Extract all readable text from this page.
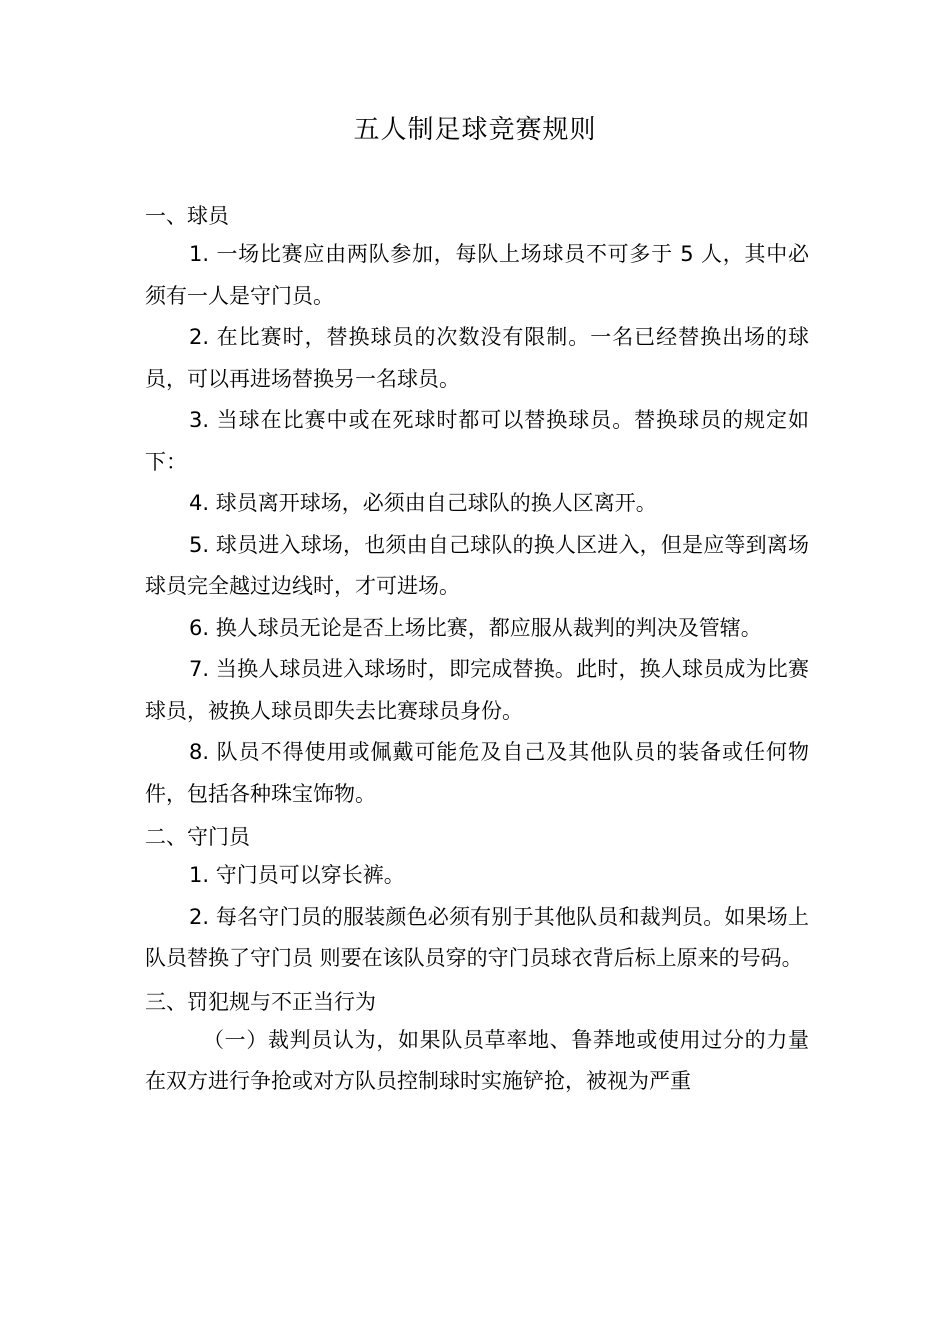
五人制足球竞赛规则

一、球员

1. 一场比赛应由两队参加，每队上场球员不可多于 5 人，其中必须有一人是守门员。

2. 在比赛时，替换球员的次数没有限制。一名已经替换出场的球员，可以再进场替换另一名球员。

3. 当球在比赛中或在死球时都可以替换球员。替换球员的规定如下：

4. 球员离开球场，必须由自己球队的换人区离开。

5. 球员进入球场，也须由自己球队的换人区进入，但是应等到离场球员完全越过边线时，才可进场。

6. 换人球员无论是否上场比赛，都应服从裁判的判决及管辖。

7. 当换人球员进入球场时，即完成替换。此时，换人球员成为比赛球员，被换人球员即失去比赛球员身份。

8. 队员不得使用或佩戴可能危及自己及其他队员的装备或任何物件，包括各种珠宝饰物。

二、守门员

1. 守门员可以穿长裤。

2. 每名守门员的服装颜色必须有别于其他队员和裁判员。如果场上队员替换了守门员 则要在该队员穿的守门员球衣背后标上原来的号码。

三、罚犯规与不正当行为

（一）裁判员认为，如果队员草率地、鲁莽地或使用过分的力量在双方进行争抢或对方队员控制球时实施铲抢，被视为严重
